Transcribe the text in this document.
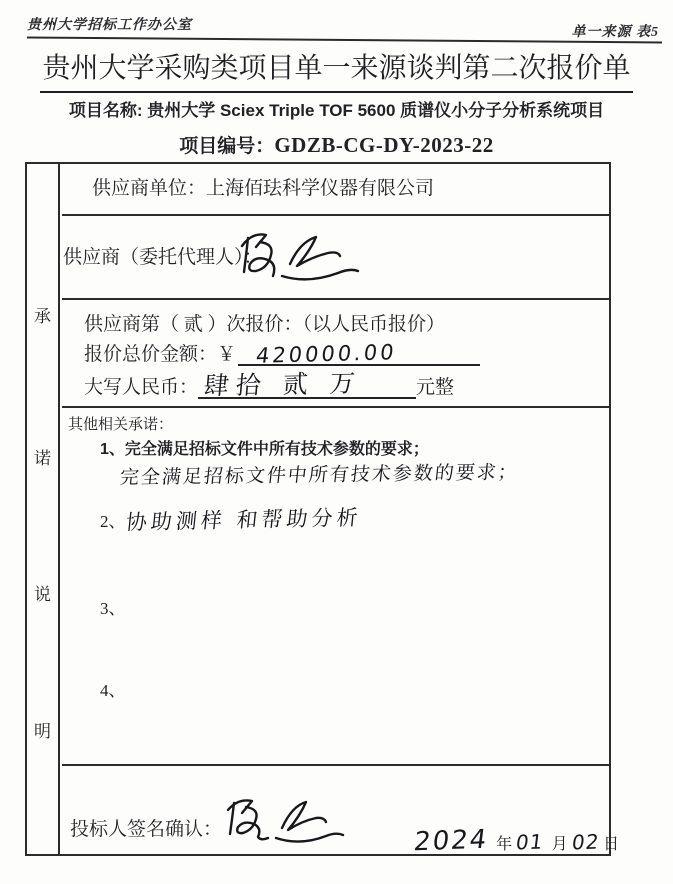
贵州大学招标工作办公室	单一来源 表5
贵州大学采购类项目单一来源谈判第二次报价单
项目名称: 贵州大学 Sciex Triple TOF 5600 质谱仪小分子分析系统项目
项目编号：GDZB-CG-DY-2023-22
承
诺
说
明
供应商单位：上海佰珐科学仪器有限公司
供应商（委托代理人）：
供应商第（ 贰 ）次报价：（以人民币报价）
报价总价金额：￥ 420000.00
大写人民币： 肆拾 贰 万	元整
其他相关承诺：
1、完全满足招标文件中所有技术参数的要求；
完全满足招标文件中所有技术参数的要求；
2、协助测样 和帮助分析
3、
4、
投标人签名确认：	2024 年 01 月 02 日
